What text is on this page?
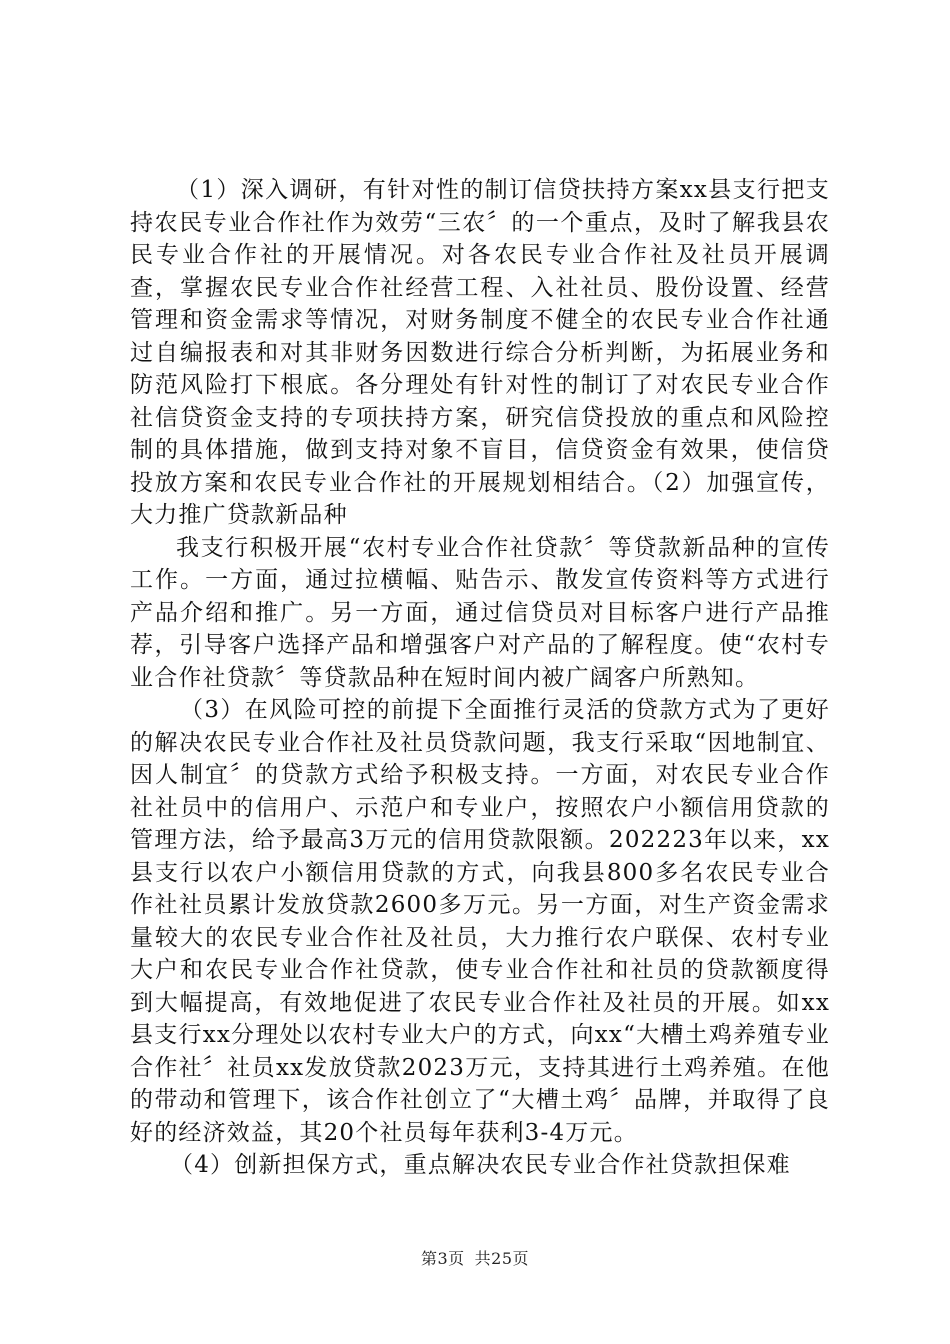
（1）深入调研，有针对性的制订信贷扶持方案xx县支行把支持农民专业合作社作为效劳“三农〞的一个重点，及时了解我县农民专业合作社的开展情况。对各农民专业合作社及社员开展调查，掌握农民专业合作社经营工程、入社社员、股份设置、经营管理和资金需求等情况，对财务制度不健全的农民专业合作社通过自编报表和对其非财务因数进行综合分析判断，为拓展业务和防范风险打下根底。各分理处有针对性的制订了对农民专业合作社信贷资金支持的专项扶持方案，研究信贷投放的重点和风险控制的具体措施，做到支持对象不盲目，信贷资金有效果，使信贷投放方案和农民专业合作社的开展规划相结合。（2）加强宣传，大力推广贷款新品种

我支行积极开展“农村专业合作社贷款〞等贷款新品种的宣传工作。一方面，通过拉横幅、贴告示、散发宣传资料等方式进行产品介绍和推广。另一方面，通过信贷员对目标客户进行产品推荐，引导客户选择产品和增强客户对产品的了解程度。使“农村专业合作社贷款〞等贷款品种在短时间内被广阔客户所熟知。

（3）在风险可控的前提下全面推行灵活的贷款方式为了更好的解决农民专业合作社及社员贷款问题，我支行采取“因地制宜、因人制宜〞的贷款方式给予积极支持。一方面，对农民专业合作社社员中的信用户、示范户和专业户，按照农户小额信用贷款的管理方法，给予最高3万元的信用贷款限额。202223年以来，xx县支行以农户小额信用贷款的方式，向我县800多名农民专业合作社社员累计发放贷款2600多万元。另一方面，对生产资金需求量较大的农民专业合作社及社员，大力推行农户联保、农村专业大户和农民专业合作社贷款，使专业合作社和社员的贷款额度得到大幅提高，有效地促进了农民专业合作社及社员的开展。如xx县支行xx分理处以农村专业大户的方式，向xx“大槽土鸡养殖专业合作社〞社员xx发放贷款2023万元，支持其进行土鸡养殖。在他的带动和管理下，该合作社创立了“大槽土鸡〞品牌，并取得了良好的经济效益，其20个社员每年获利3-4万元。

（4）创新担保方式，重点解决农民专业合作社贷款担保难

第3页 共25页
